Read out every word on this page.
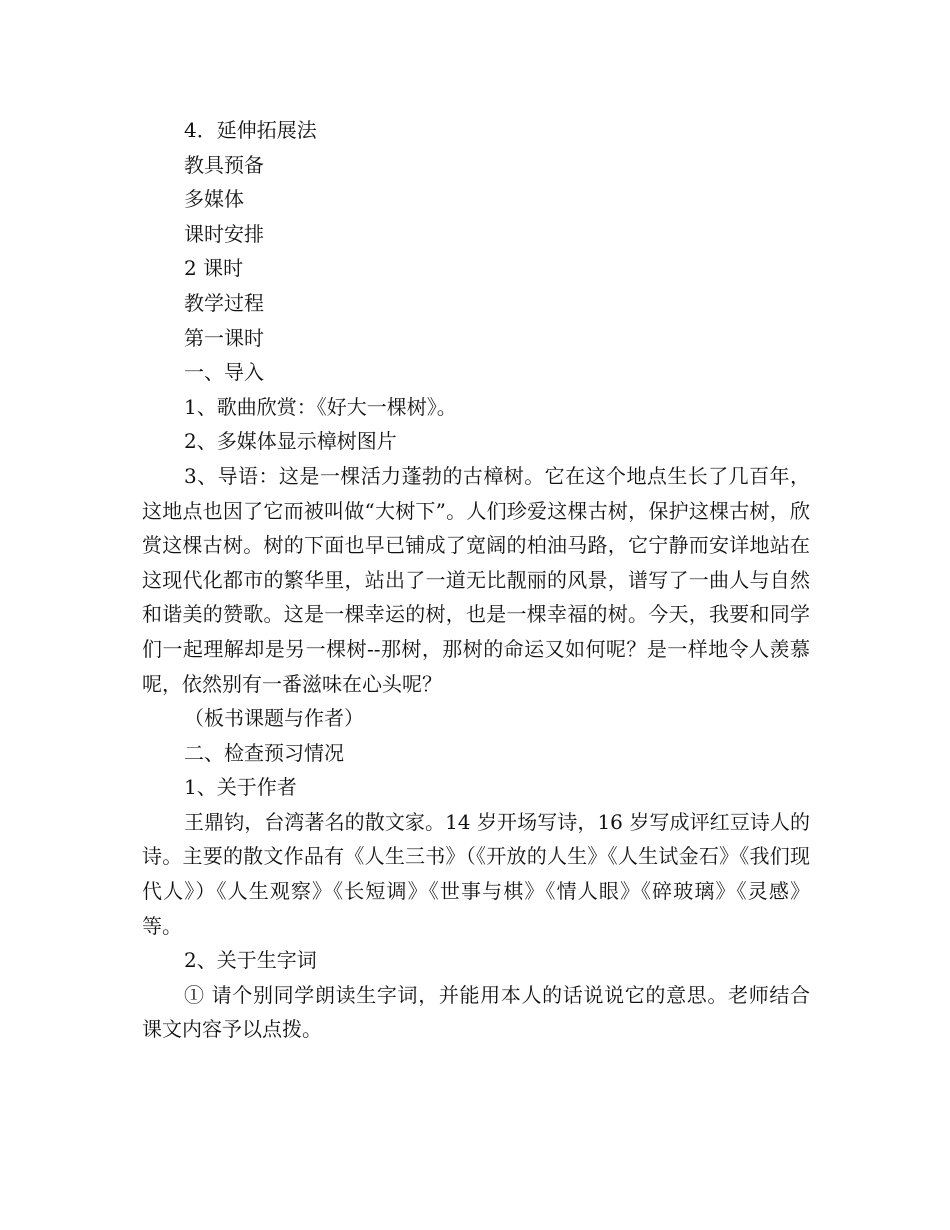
4．延伸拓展法

教具预备

多媒体

课时安排

2 课时

教学过程

第一课时

一、导入

1、歌曲欣赏：《好大一棵树》。

2、多媒体显示樟树图片

3、导语：这是一棵活力蓬勃的古樟树。它在这个地点生长了几百年，这地点也因了它而被叫做“大树下”。人们珍爱这棵古树，保护这棵古树，欣赏这棵古树。树的下面也早已铺成了宽阔的柏油马路，它宁静而安详地站在这现代化都市的繁华里，站出了一道无比靓丽的风景，谱写了一曲人与自然和谐美的赞歌。这是一棵幸运的树，也是一棵幸福的树。今天，我要和同学们一起理解却是另一棵树--那树，那树的命运又如何呢？是一样地令人羡慕呢，依然别有一番滋味在心头呢？

（板书课题与作者）

二、检查预习情况

1、关于作者

王鼎钧，台湾著名的散文家。14 岁开场写诗，16 岁写成评红豆诗人的诗。主要的散文作品有《人生三书》（《开放的人生》《人生试金石》《我们现代人》）《人生观察》《长短调》《世事与棋》《情人眼》《碎玻璃》《灵感》等。

2、关于生字词

① 请个别同学朗读生字词，并能用本人的话说说它的意思。老师结合课文内容予以点拨。
